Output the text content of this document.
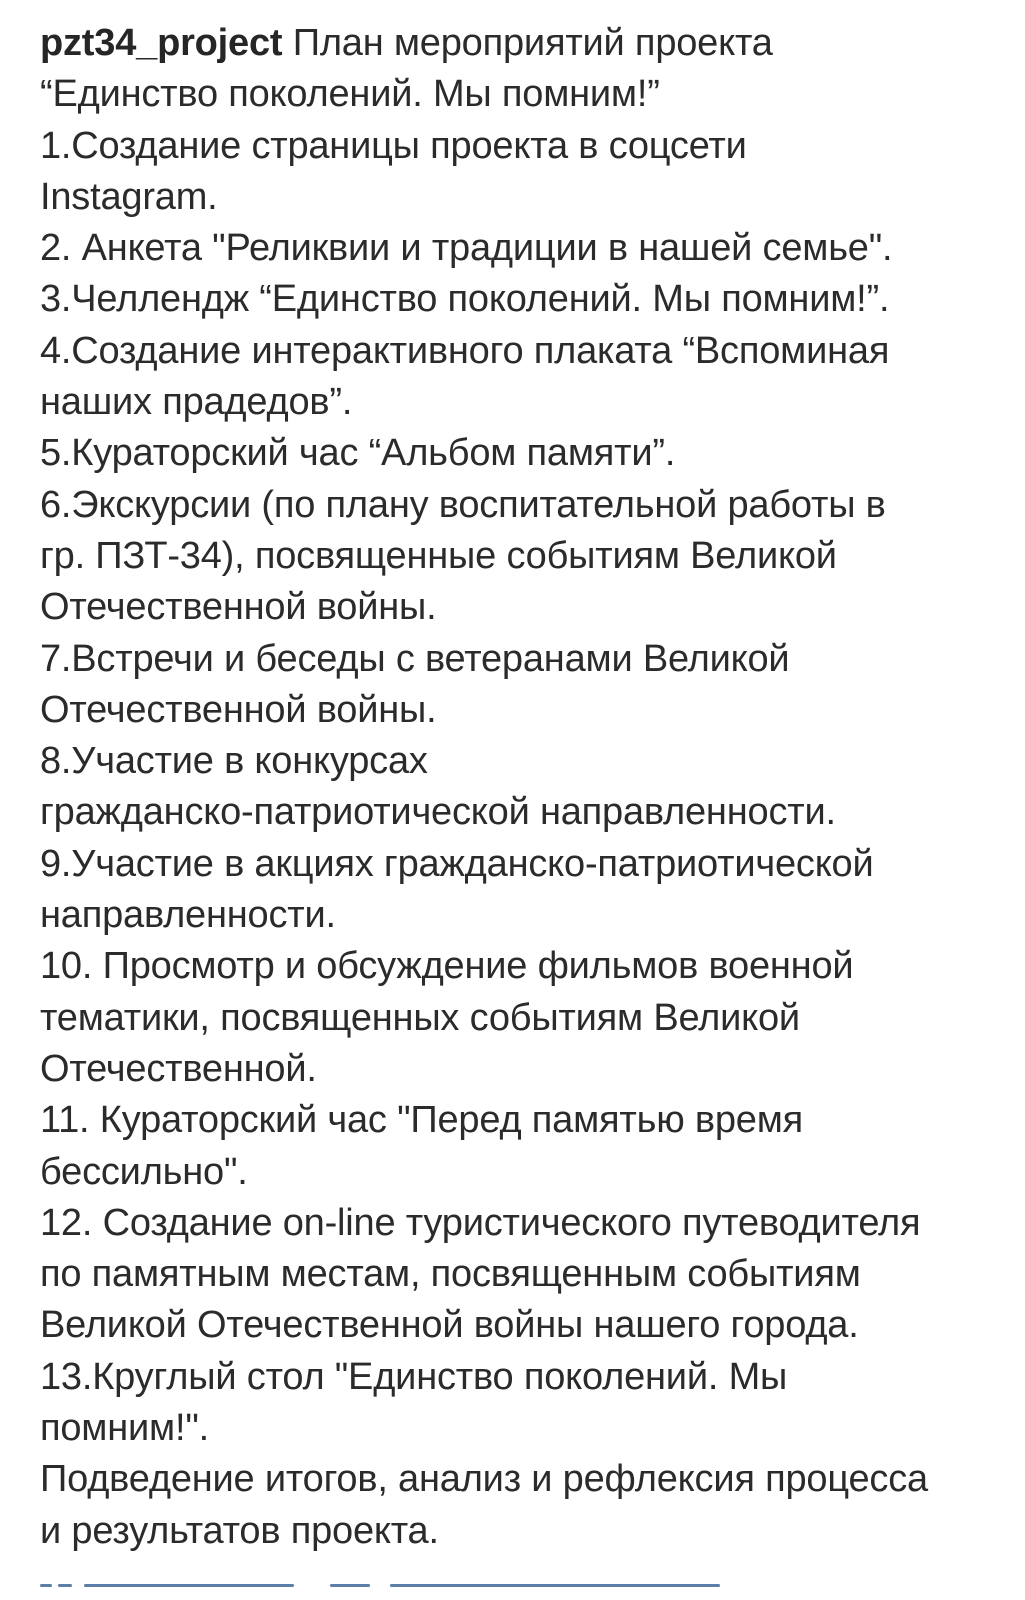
pzt34_project План мероприятий проекта
“Единство поколений. Мы помним!”
1.Создание страницы проекта в соцсети
Instagram.
2. Анкета "Реликвии и традиции в нашей семье".
3.Челлендж “Единство поколений. Мы помним!”.
4.Создание интерактивного плаката “Вспоминая
наших прадедов”.
5.Кураторский час “Альбом памяти”.
6.Экскурсии (по плану воспитательной работы в
гр. ПЗТ-34), посвященные событиям Великой
Отечественной войны.
7.Встречи и беседы с ветеранами Великой
Отечественной войны.
8.Участие в конкурсах
гражданско-патриотической направленности.
9.Участие в акциях гражданско-патриотической
направленности.
10. Просмотр и обсуждение фильмов военной
тематики, посвященных событиям Великой
Отечественной.
11. Кураторский час "Перед памятью время
бессильно".
12. Создание on-line туристического путеводителя
по памятным местам, посвященным событиям
Великой Отечественной войны нашего города.
13.Круглый стол "Единство поколений. Мы
помним!".
Подведение итогов, анализ и рефлексия процесса
и результатов проекта.
